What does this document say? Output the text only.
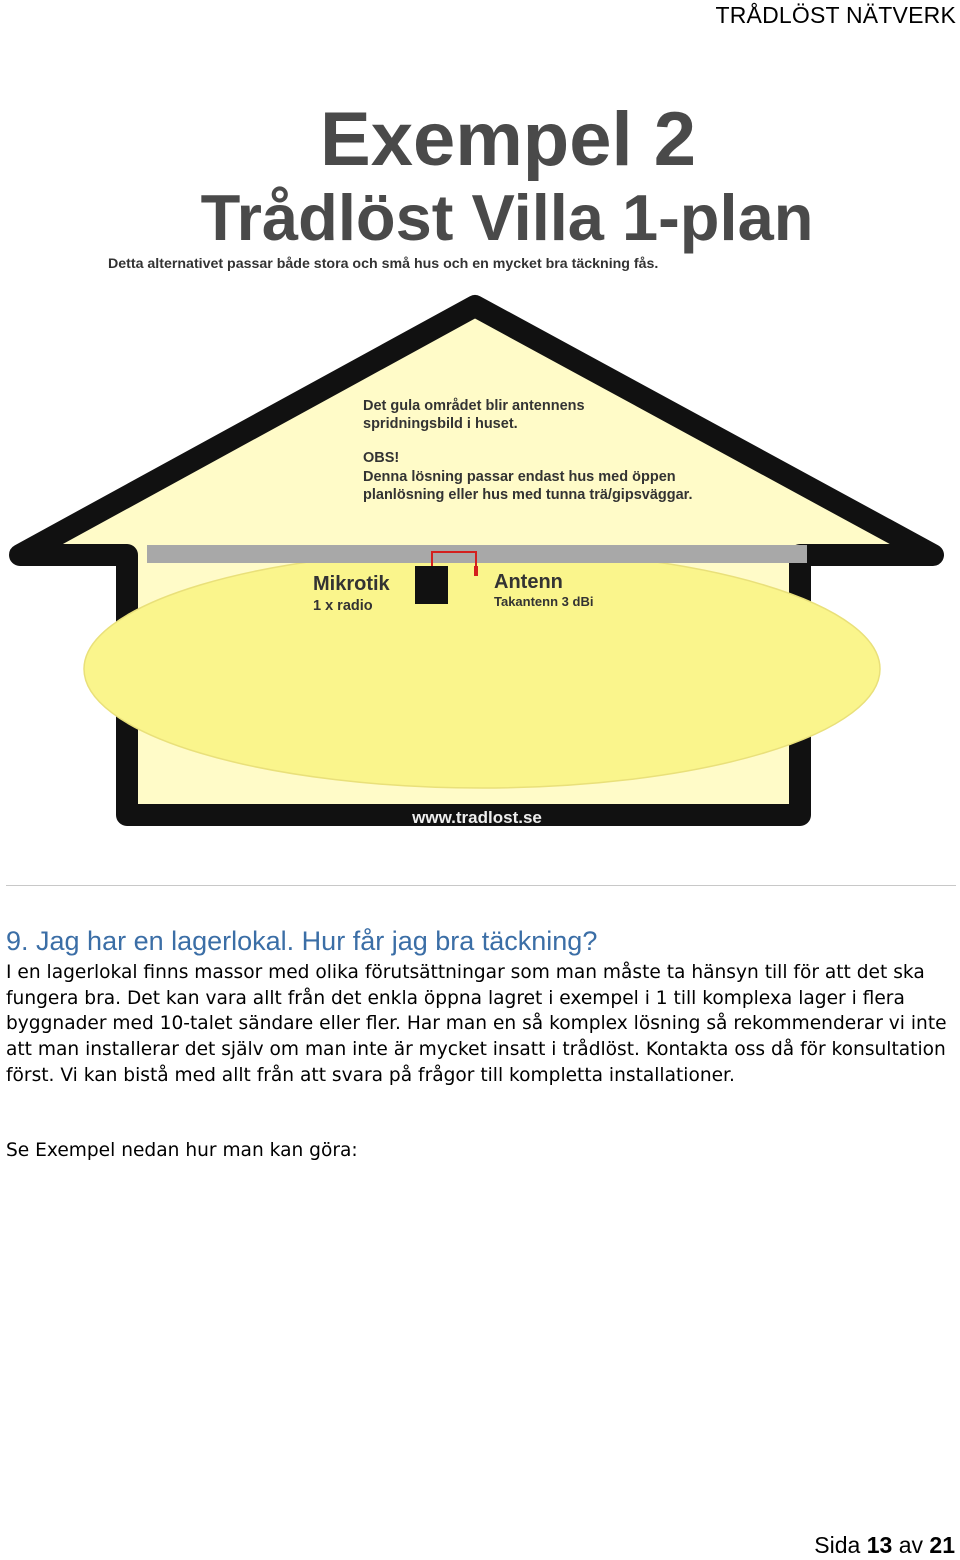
TRÅDLÖST NÄTVERK
Exempel 2
Trådlöst Villa 1-plan
Detta alternativet passar både stora och små hus och en mycket bra täckning fås.
Det gula området blir antennens
spridningsbild i huset.
OBS!
Denna lösning passar endast hus med öppen
planlösning eller hus med tunna trä/gipsväggar.
Mikrotik
1 x radio
Antenn
Takantenn 3 dBi
www.tradlost.se
9. Jag har en lagerlokal. Hur får jag bra täckning?

I en lagerlokal finns massor med olika förutsättningar som man måste ta hänsyn till för att det ska fungera bra. Det kan vara allt från det enkla öppna lagret i exempel i 1 till komplexa lager i flera byggnader med 10-talet sändare eller fler. Har man en så komplex lösning så rekommenderar vi inte att man installerar det själv om man inte är mycket insatt i trådlöst. Kontakta oss då för konsultation först. Vi kan bistå med allt från att svara på frågor till kompletta installationer.

Se Exempel nedan hur man kan göra:

Sida 13 av 21
